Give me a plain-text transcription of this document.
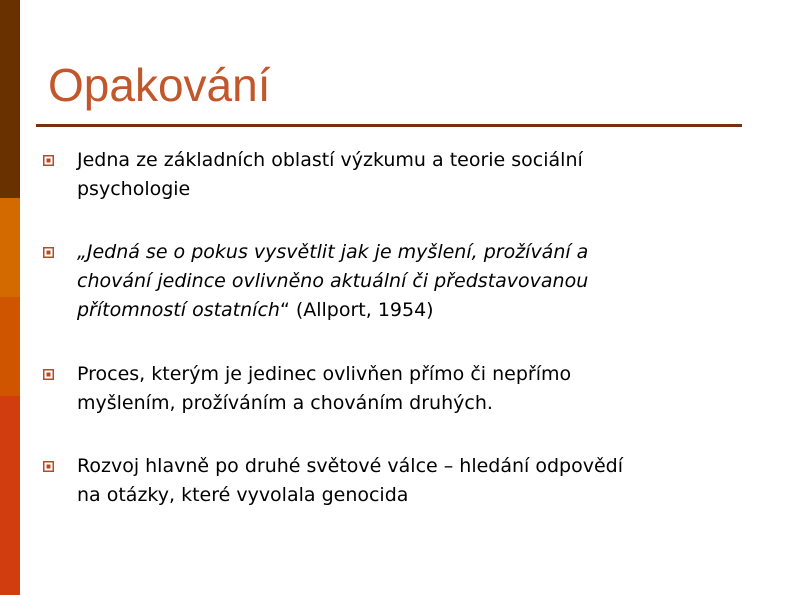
Opakování
Jedna ze základních oblastí výzkumu a teorie sociální
psychologie
„Jedná se o pokus vysvětlit jak je myšlení, prožívání a
chování jedince ovlivněno aktuální či představovanou
přítomností ostatních“ (Allport, 1954)
Proces, kterým je jedinec ovlivňen přímo či nepřímo
myšlením, prožíváním a chováním druhých.
Rozvoj hlavně po druhé světové válce – hledání odpovědí
na otázky, které vyvolala genocida
